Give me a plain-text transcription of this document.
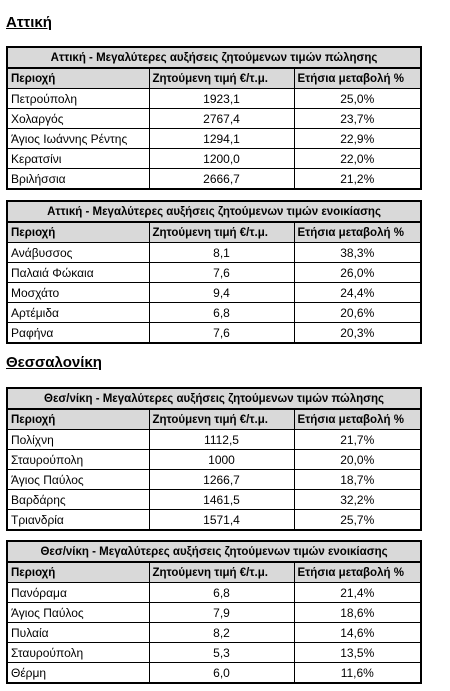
Αττική
Αττική - Μεγαλύτερες αυξήσεις ζητούμενων τιμών πώλησης		
Περιοχή	Ζητούμενη τιμή €/τ.μ.	Ετήσια μεταβολή %
Πετρούπολη	1923,1	25,0%
Χολαργός	2767,4	23,7%
Άγιος Ιωάννης Ρέντης	1294,1	22,9%
Κερατσίνι	1200,0	22,0%
Βριλήσσια	2666,7	21,2%
Αττική - Μεγαλύτερες αυξήσεις ζητούμενων τιμών ενοικίασης		
Περιοχή	Ζητούμενη τιμή €/τ.μ.	Ετήσια μεταβολή %
Ανάβυσσος	8,1	38,3%
Παλαιά Φώκαια	7,6	26,0%
Μοσχάτο	9,4	24,4%
Αρτέμιδα	6,8	20,6%
Ραφήνα	7,6	20,3%
Θεσσαλονίκη
Θεσ/νίκη - Μεγαλύτερες αυξήσεις ζητούμενων τιμών πώλησης		
Περιοχή	Ζητούμενη τιμή €/τ.μ.	Ετήσια μεταβολή %
Πολίχνη	1112,5	21,7%
Σταυρούπολη	1000	20,0%
Άγιος Παύλος	1266,7	18,7%
Βαρδάρης	1461,5	32,2%
Τριανδρία	1571,4	25,7%
Θεσ/νίκη - Μεγαλύτερες αυξήσεις ζητούμενων τιμών ενοικίασης		
Περιοχή	Ζητούμενη τιμή €/τ.μ.	Ετήσια μεταβολή %
Πανόραμα	6,8	21,4%
Άγιος Παύλος	7,9	18,6%
Πυλαία	8,2	14,6%
Σταυρούπολη	5,3	13,5%
Θέρμη	6,0	11,6%
